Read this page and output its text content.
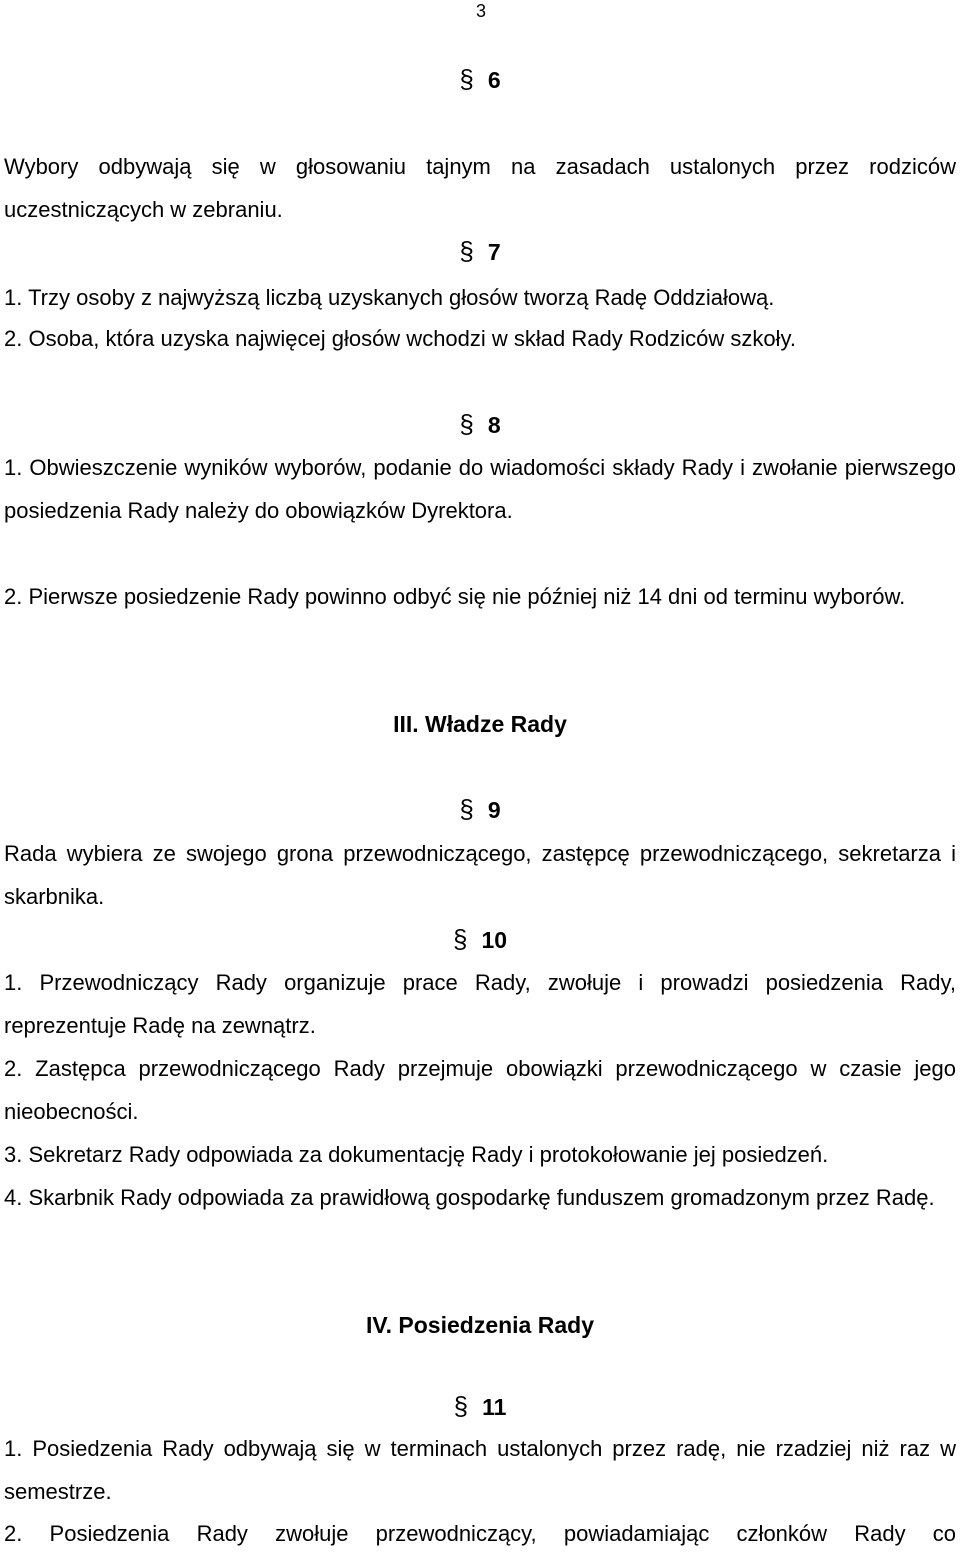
3
§ 6

Wybory odbywają się w głosowaniu tajnym na zasadach ustalonych przez rodziców uczestniczących w zebraniu.

§ 7

1. Trzy osoby z najwyższą liczbą uzyskanych głosów tworzą Radę Oddziałową.

2. Osoba, która uzyska najwięcej głosów wchodzi w skład Rady Rodziców szkoły.

§ 8

1. Obwieszczenie wyników wyborów, podanie do wiadomości składy Rady i zwołanie pierwszego posiedzenia Rady należy do obowiązków Dyrektora.

2. Pierwsze posiedzenie Rady powinno odbyć się nie później niż 14 dni od terminu wyborów.

III. Władze Rady
§ 9

Rada wybiera ze swojego grona przewodniczącego, zastępcę przewodniczącego, sekretarza i skarbnika.

§ 10

1. Przewodniczący Rady organizuje prace Rady, zwołuje i prowadzi posiedzenia Rady, reprezentuje Radę na zewnątrz.

2. Zastępca przewodniczącego Rady przejmuje obowiązki przewodniczącego w czasie jego nieobecności.

3. Sekretarz Rady odpowiada za dokumentację Rady i protokołowanie jej posiedzeń.

4. Skarbnik Rady odpowiada za prawidłową gospodarkę funduszem gromadzonym przez Radę.

IV. Posiedzenia Rady
§ 11

1. Posiedzenia Rady odbywają się w terminach ustalonych przez radę, nie rzadziej niż raz w semestrze.

2. Posiedzenia Rady zwołuje przewodniczący, powiadamiając członków Rady co
